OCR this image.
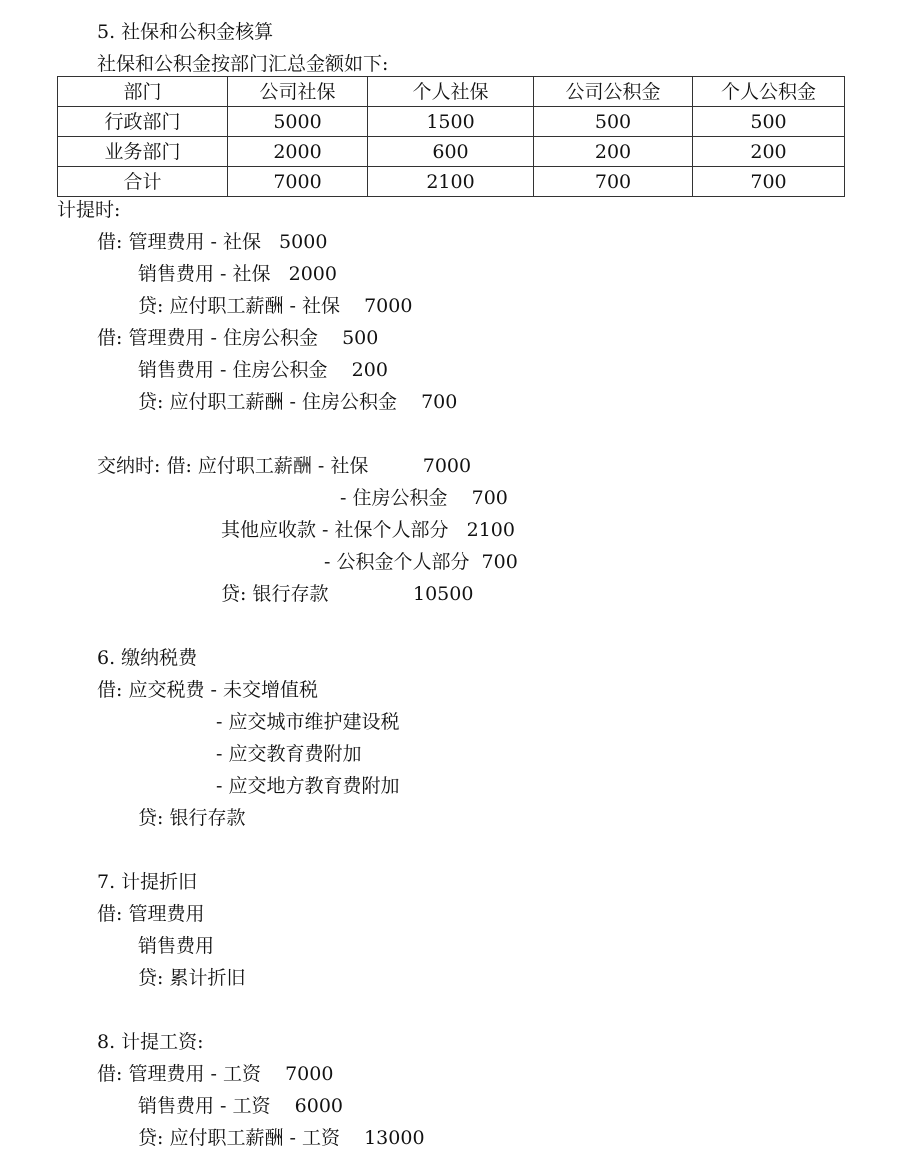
5. 社保和公积金核算
社保和公积金按部门汇总金额如下:
部门	公司社保	个人社保	公司公积金	个人公积金
行政部门	5000	1500	500	500
业务部门	2000	600	200	200
合计	7000	2100	700	700
计提时:
借: 管理费用 - 社保   5000
销售费用 - 社保   2000
贷: 应付职工薪酬 - 社保    7000
借: 管理费用 - 住房公积金    500
销售费用 - 住房公积金    200
贷: 应付职工薪酬 - 住房公积金    700
交纳时: 借: 应付职工薪酬 - 社保         7000
- 住房公积金    700
其他应收款 - 社保个人部分   2100
- 公积金个人部分  700
贷: 银行存款              10500
6. 缴纳税费
借: 应交税费 - 未交增值税
- 应交城市维护建设税
- 应交教育费附加
- 应交地方教育费附加
贷: 银行存款
7. 计提折旧
借: 管理费用
销售费用
贷: 累计折旧
8. 计提工资:
借: 管理费用 - 工资    7000
销售费用 - 工资    6000
贷: 应付职工薪酬 - 工资    13000
